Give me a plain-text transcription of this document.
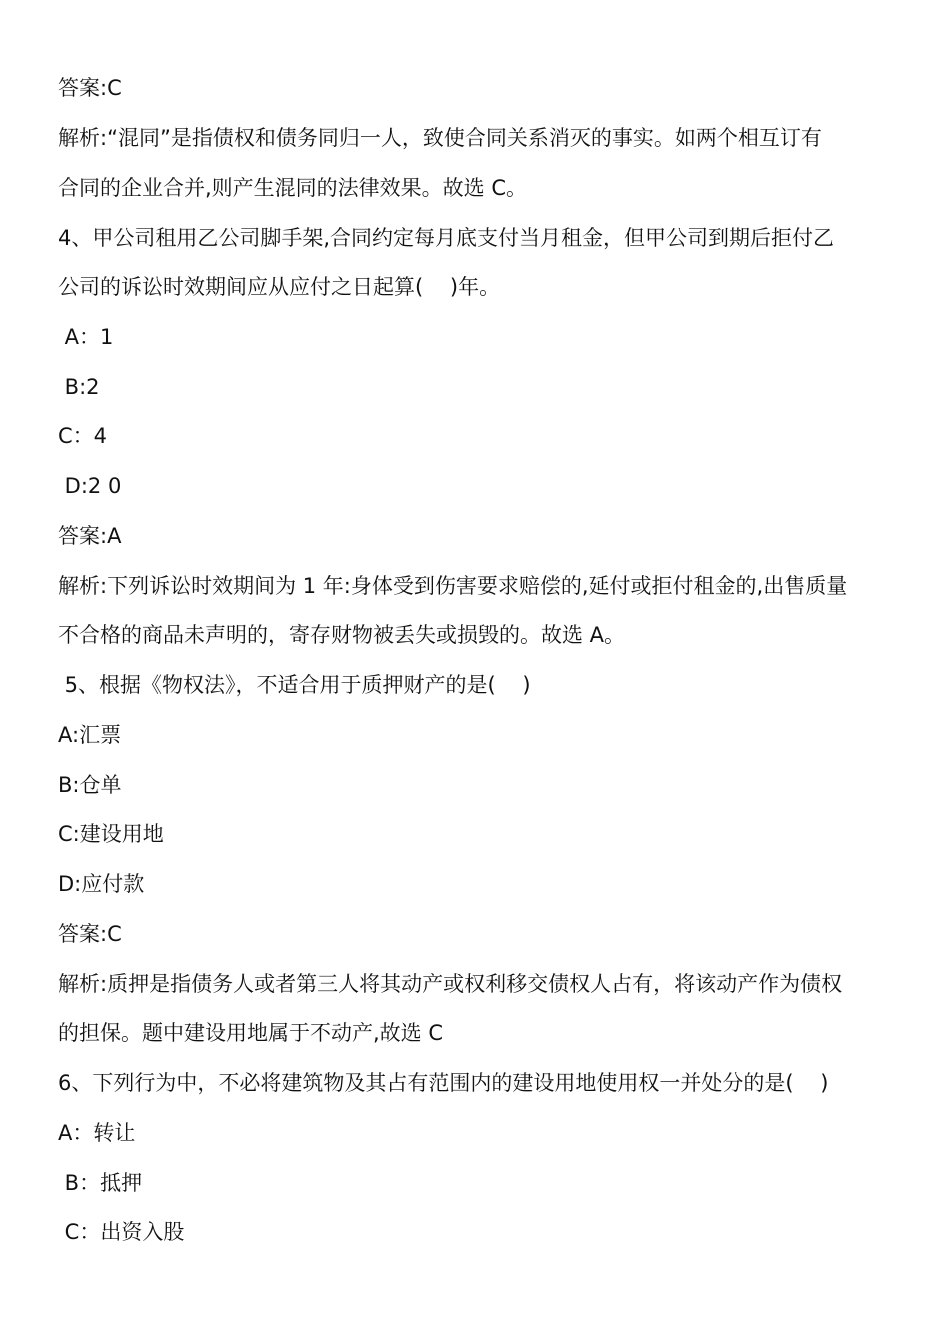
答案:C
解析:“混同”是指债权和债务同归一人，致使合同关系消灭的事实。如两个相互订有
合同的企业合并,则产生混同的法律效果。故选 C。
4、甲公司租用乙公司脚手架,合同约定每月底支付当月租金，但甲公司到期后拒付乙
公司的诉讼时效期间应从应付之日起算(    )年。
A：1
B:2
C：4
D:2 0
答案:A
解析:下列诉讼时效期间为 1 年:身体受到伤害要求赔偿的,延付或拒付租金的,出售质量
不合格的商品未声明的，寄存财物被丢失或损毁的。故选 A。
5、根据《物权法》，不适合用于质押财产的是(    )
A:汇票
B:仓单
C:建设用地
D:应付款
答案:C
解析:质押是指债务人或者第三人将其动产或权利移交债权人占有，将该动产作为债权
的担保。题中建设用地属于不动产,故选 C
6、下列行为中，不必将建筑物及其占有范围内的建设用地使用权一并处分的是(    )
A：转让
B：抵押
C：出资入股
